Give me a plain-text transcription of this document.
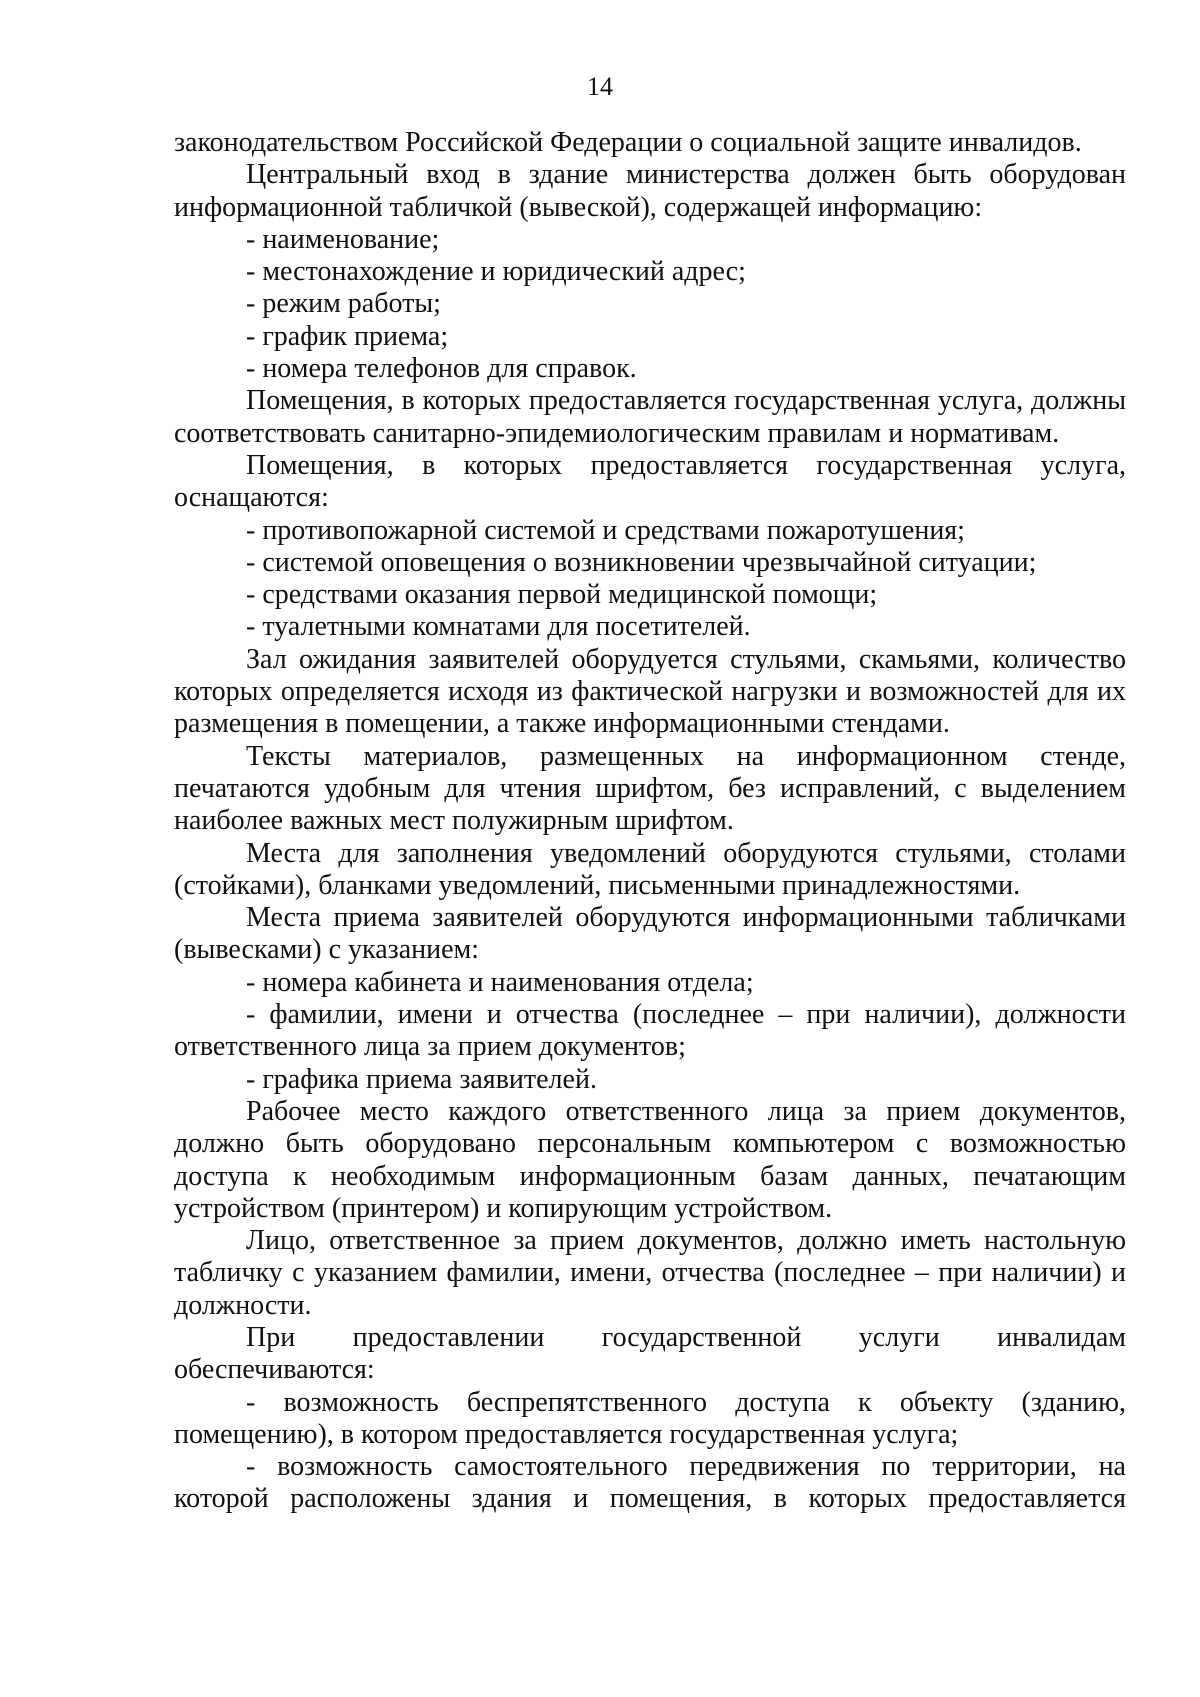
14

законодательством Российской Федерации о социальной защите инвалидов.

Центральный вход в здание министерства должен быть оборудован информационной табличкой (вывеской), содержащей информацию:

- наименование;

- местонахождение и юридический адрес;

- режим работы;

- график приема;

- номера телефонов для справок.

Помещения, в которых предоставляется государственная услуга, должны соответствовать санитарно-эпидемиологическим правилам и нормативам.

Помещения, в которых предоставляется государственная услуга, оснащаются:

- противопожарной системой и средствами пожаротушения;

- системой оповещения о возникновении чрезвычайной ситуации;

- средствами оказания первой медицинской помощи;

- туалетными комнатами для посетителей.

Зал ожидания заявителей оборудуется стульями, скамьями, количество которых определяется исходя из фактической нагрузки и возможностей для их размещения в помещении, а также информационными стендами.

Тексты материалов, размещенных на информационном стенде, печатаются удобным для чтения шрифтом, без исправлений, с выделением наиболее важных мест полужирным шрифтом.

Места для заполнения уведомлений оборудуются стульями, столами (стойками), бланками уведомлений, письменными принадлежностями.

Места приема заявителей оборудуются информационными табличками (вывесками) с указанием:

- номера кабинета и наименования отдела;

- фамилии, имени и отчества (последнее – при наличии), должности ответственного лица за прием документов;

- графика приема заявителей.

Рабочее место каждого ответственного лица за прием документов, должно быть оборудовано персональным компьютером с возможностью доступа к необходимым информационным базам данных, печатающим устройством (принтером) и копирующим устройством.

Лицо, ответственное за прием документов, должно иметь настольную табличку с указанием фамилии, имени, отчества (последнее – при наличии) и должности.

При предоставлении государственной услуги инвалидам обеспечиваются:

- возможность беспрепятственного доступа к объекту (зданию, помещению), в котором предоставляется государственная услуга;

- возможность самостоятельного передвижения по территории, на которой расположены здания и помещения, в которых предоставляется
